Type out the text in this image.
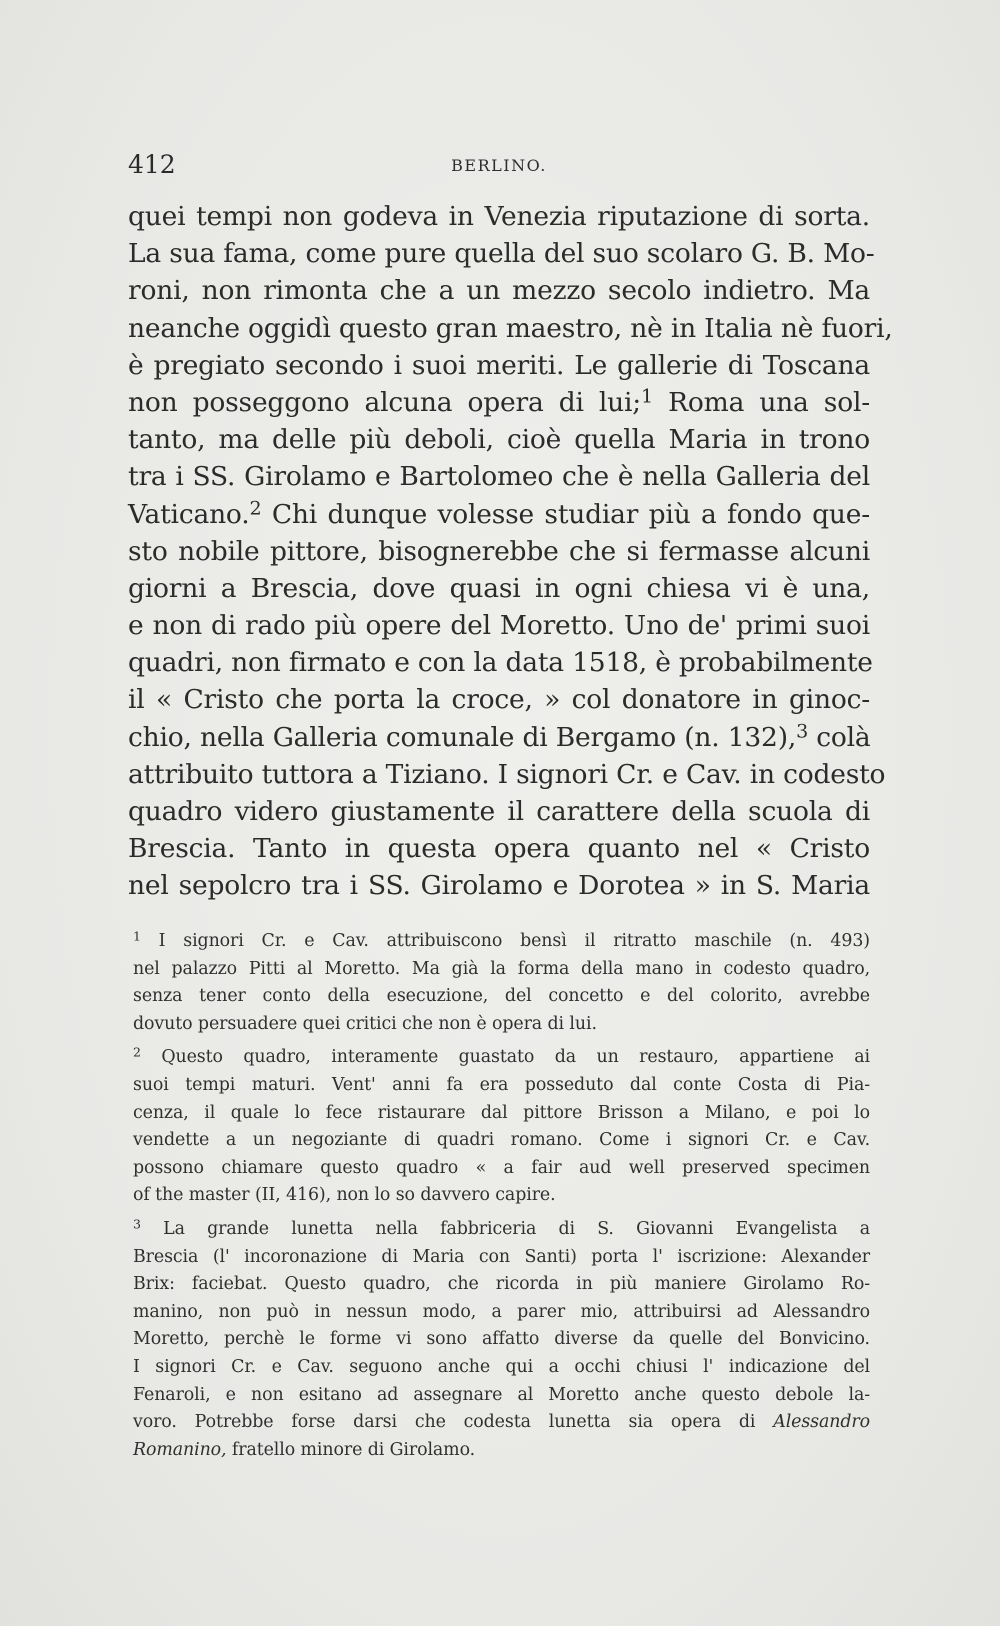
412	BERLINO.
quei tempi non godeva in Venezia riputazione di sorta.
La sua fama, come pure quella del suo scolaro G. B. Mo-
roni, non rimonta che a un mezzo secolo indietro. Ma
neanche oggidì questo gran maestro, nè in Italia nè fuori,
è pregiato secondo i suoi meriti. Le gallerie di Toscana
non posseggono alcuna opera di lui;$^1$ Roma una sol-
tanto, ma delle più deboli, cioè quella Maria in trono
tra i SS. Girolamo e Bartolomeo che è nella Galleria del
Vaticano.$^2$ Chi dunque volesse studiar più a fondo que-
sto nobile pittore, bisognerebbe che si fermasse alcuni
giorni a Brescia, dove quasi in ogni chiesa vi è una,
e non di rado più opere del Moretto. Uno de' primi suoi
quadri, non firmato e con la data 1518, è probabilmente
il « Cristo che porta la croce, » col donatore in ginoc-
chio, nella Galleria comunale di Bergamo (n. 132),$^3$ colà
attribuito tuttora a Tiziano. I signori Cr. e Cav. in codesto
quadro videro giustamente il carattere della scuola di
Brescia. Tanto in questa opera quanto nel « Cristo
nel sepolcro tra i SS. Girolamo e Dorotea » in S. Maria
$^1$ I signori Cr. e Cav. attribuiscono bensì il ritratto maschile (n. 493)
nel palazzo Pitti al Moretto. Ma già la forma della mano in codesto quadro,
senza tener conto della esecuzione, del concetto e del colorito, avrebbe
dovuto persuadere quei critici che non è opera di lui.
$^2$ Questo quadro, interamente guastato da un restauro, appartiene ai
suoi tempi maturi. Vent' anni fa era posseduto dal conte Costa di Pia-
cenza, il quale lo fece ristaurare dal pittore Brisson a Milano, e poi lo
vendette a un negoziante di quadri romano. Come i signori Cr. e Cav.
possono chiamare questo quadro « a fair aud well preserved specimen
of the master (II, 416), non lo so davvero capire.
$^3$ La grande lunetta nella fabbriceria di S. Giovanni Evangelista a
Brescia (l' incoronazione di Maria con Santi) porta l' iscrizione: Alexander
Brix: faciebat. Questo quadro, che ricorda in più maniere Girolamo Ro-
manino, non può in nessun modo, a parer mio, attribuirsi ad Alessandro
Moretto, perchè le forme vi sono affatto diverse da quelle del Bonvicino.
I signori Cr. e Cav. seguono anche qui a occhi chiusi l' indicazione del
Fenaroli, e non esitano ad assegnare al Moretto anche questo debole la-
voro. Potrebbe forse darsi che codesta lunetta sia opera di Alessandro
Romanino, fratello minore di Girolamo.
